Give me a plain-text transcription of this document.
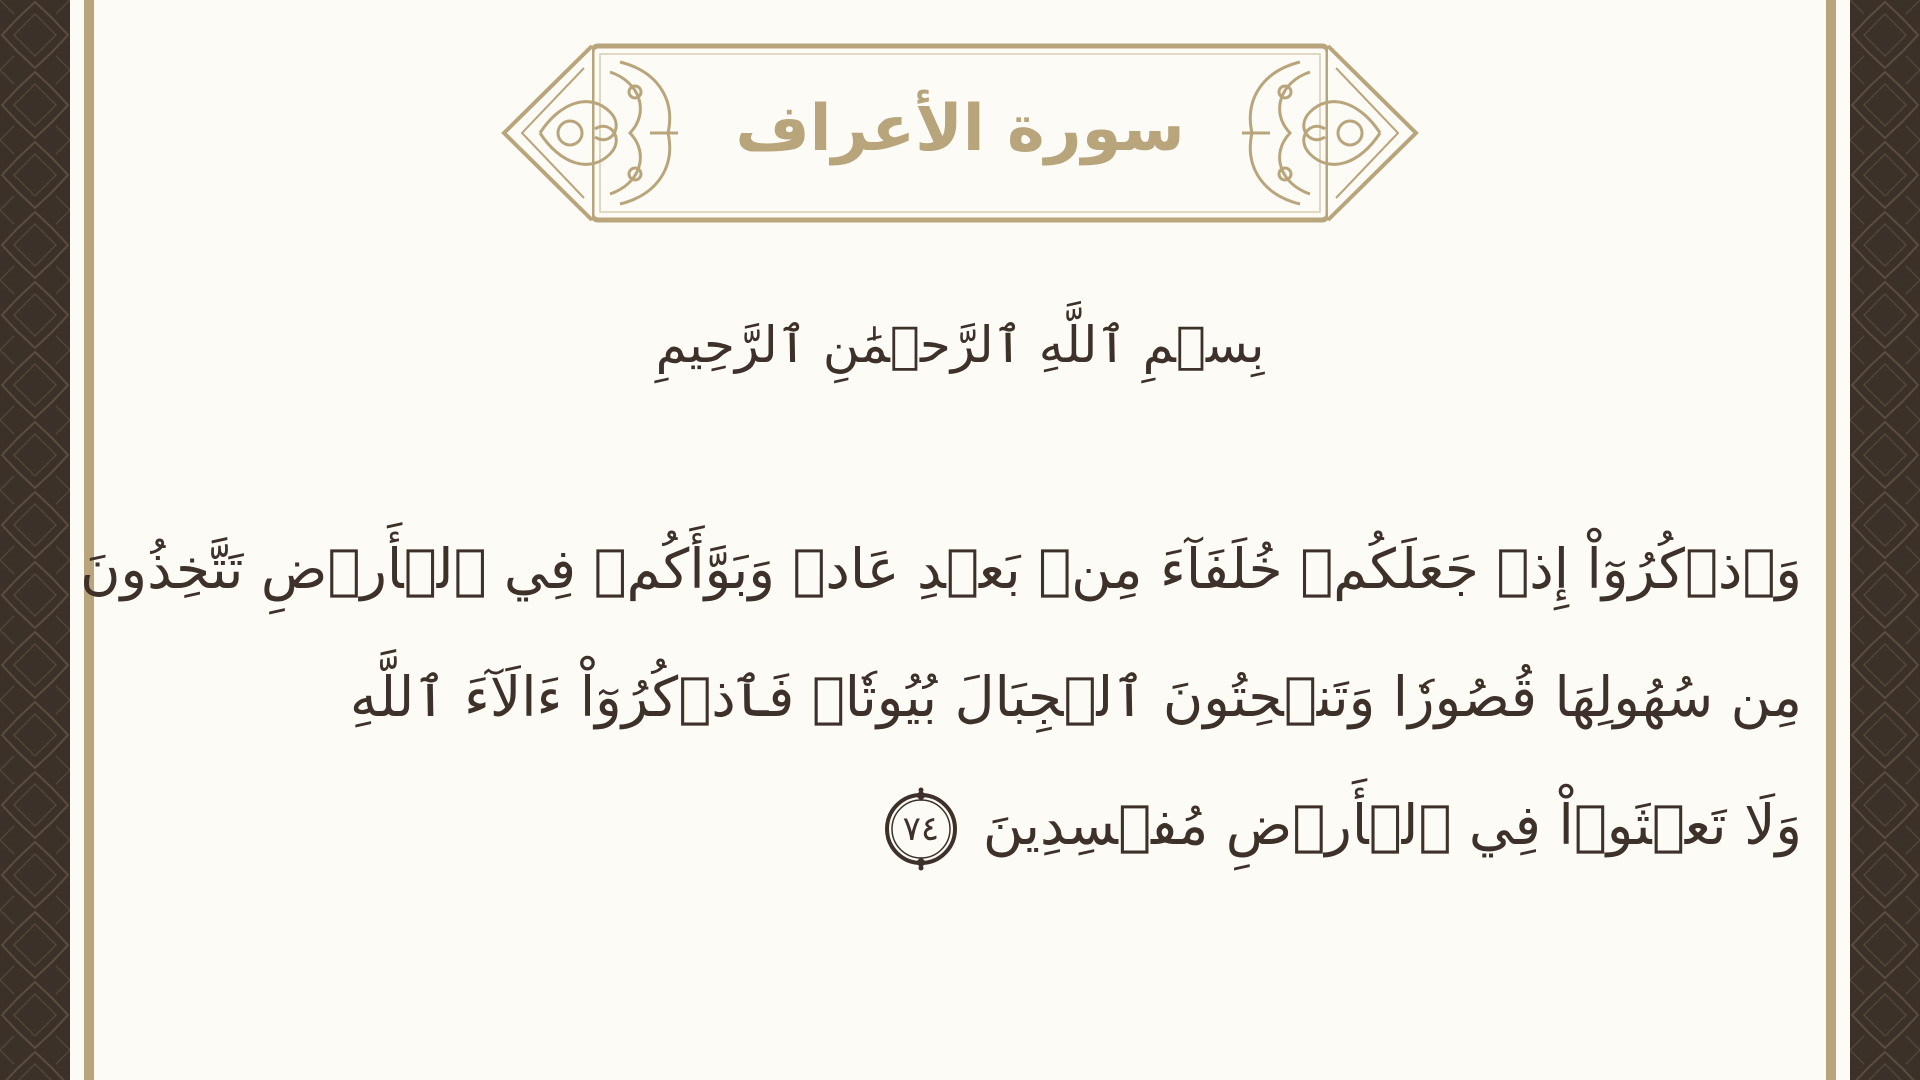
سورة الأعراف
بِسۡمِ ٱللَّهِ ٱلرَّحۡمَٰنِ ٱلرَّحِيمِ
وَٱذۡكُرُوٓاْ إِذۡ جَعَلَكُمۡ خُلَفَآءَ مِنۢ بَعۡدِ عَادٖ وَبَوَّأَكُمۡ فِي ٱلۡأَرۡضِ تَتَّخِذُونَ
مِن سُهُولِهَا قُصُورٗا وَتَنۡحِتُونَ ٱلۡجِبَالَ بُيُوتٗاۖ فَٱذۡكُرُوٓاْ ءَالَآءَ ٱللَّهِ
وَلَا تَعۡثَوۡاْ فِي ٱلۡأَرۡضِ مُفۡسِدِينَ
٧٤
